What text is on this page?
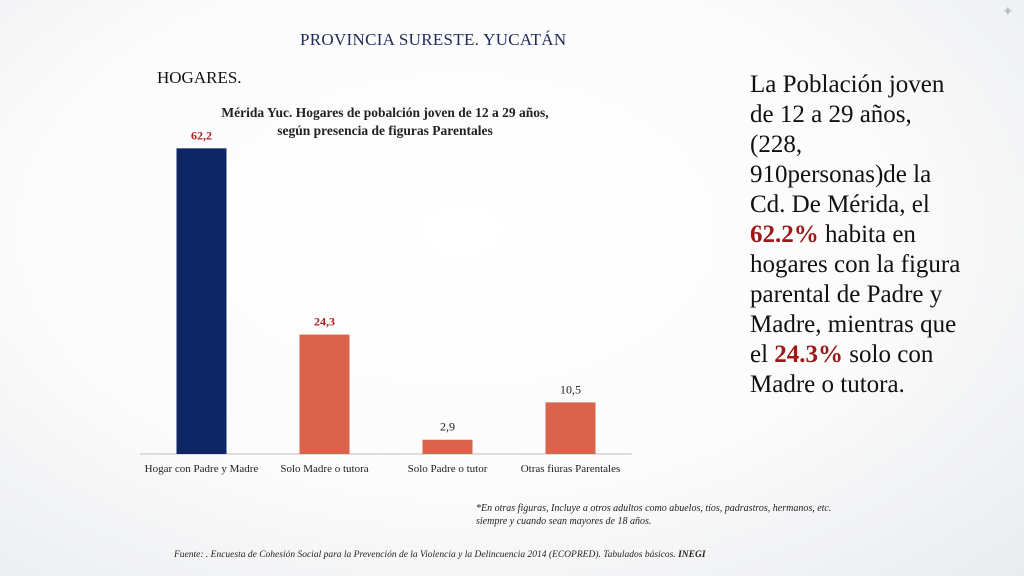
✦
PROVINCIA SURESTE. YUCATÁN
HOGARES.
Mérida Yuc. Hogares de pobalción joven de 12 a 29 años,
según presencia de figuras Parentales
62,2
Hogar con Padre y Madre
24,3
Solo Madre o tutora
2,9
Solo Padre o tutor
10,5
Otras fiuras Parentales
La Población joven de 12 a 29 años, (228, 910personas)de la Cd. De Mérida, el 62.2% habita en hogares con la figura parental de Padre y Madre, mientras que el 24.3% solo con Madre o tutora.
*En otras figuras, Incluye a otros adultos como abuelos, tíos, padrastros, hermanos, etc. siempre y cuando sean mayores de 18 años.
Fuente: . Encuesta de Cohesión Social para la Prevención de la Violencia y la Delincuencia 2014 (ECOPRED). Tabulados básicos. INEGI
